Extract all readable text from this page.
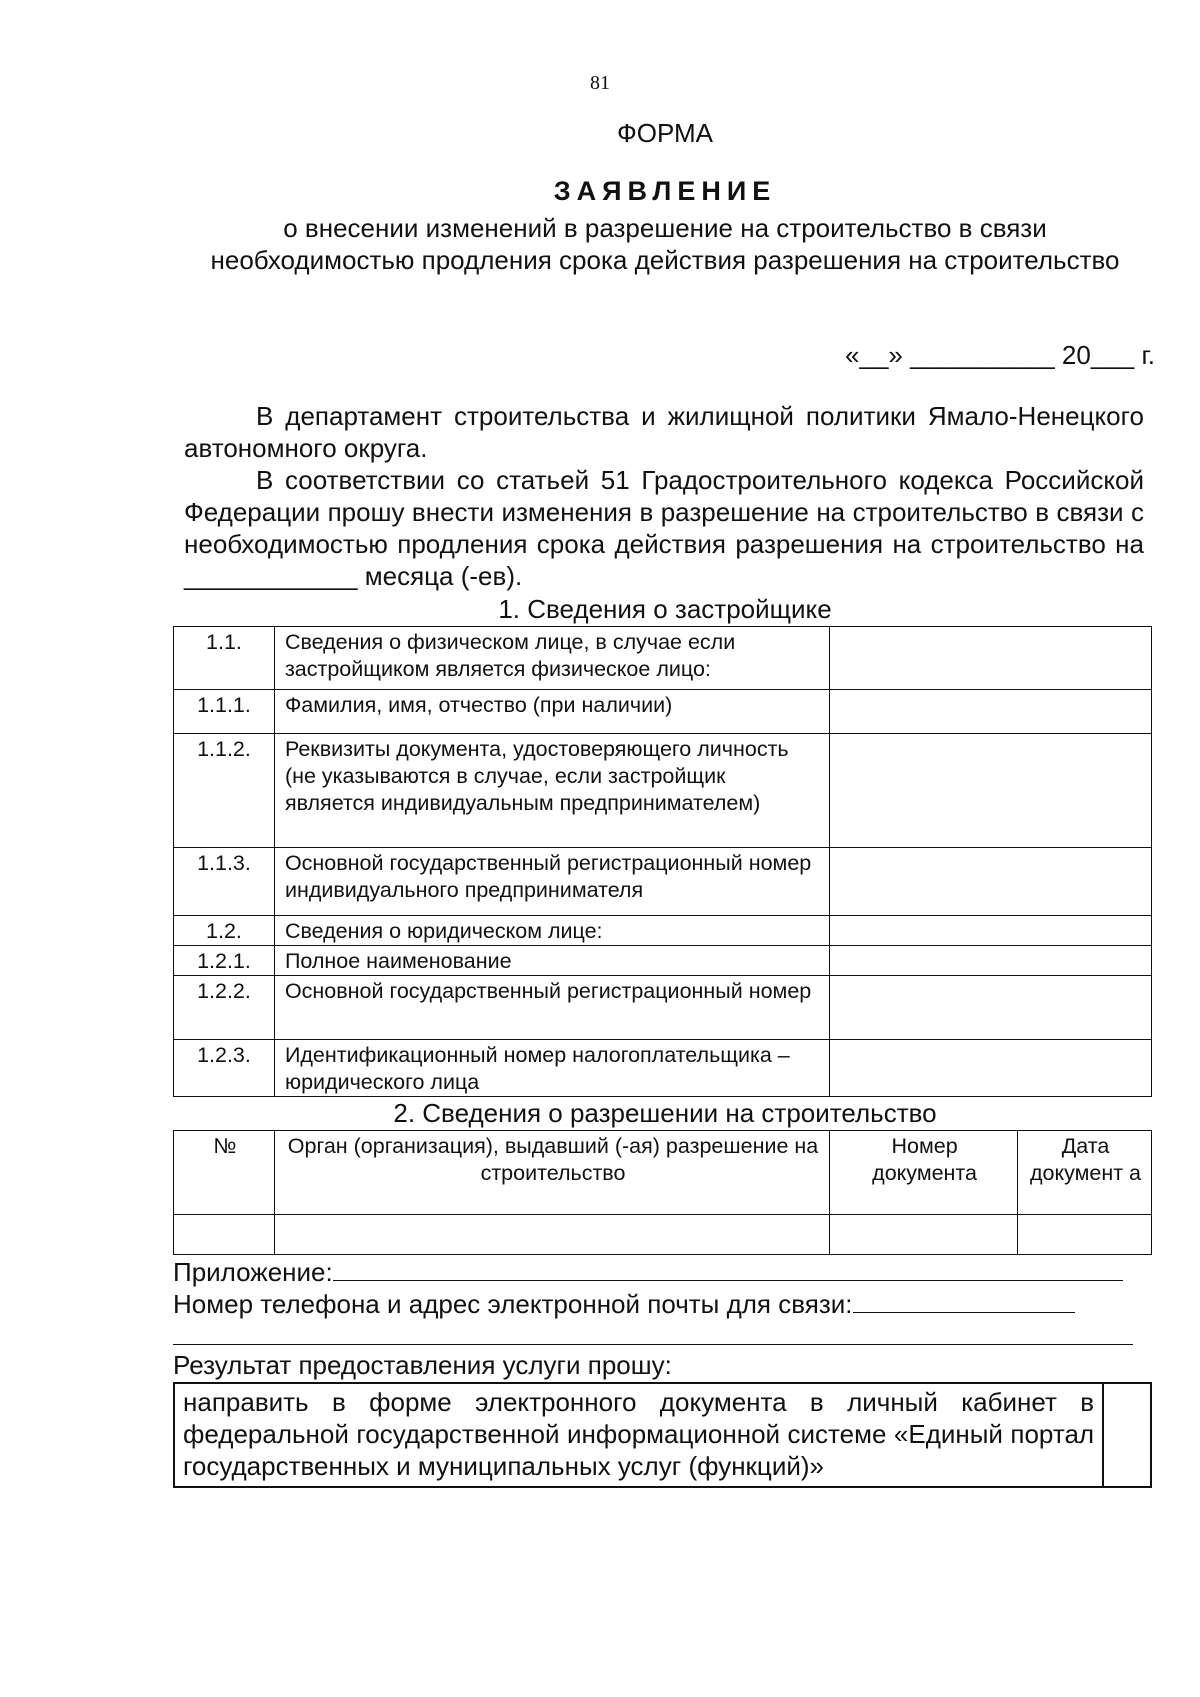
81
ФОРМА
ЗАЯВЛЕНИЕ
о внесении изменений в разрешение на строительство в связи необходимостью продления срока действия разрешения на строительство
«__» __________ 20___ г.
В департамент строительства и жилищной политики Ямало-Ненецкого автономного округа.
В соответствии со статьей 51 Градостроительного кодекса Российской Федерации прошу внести изменения в разрешение на строительство в связи с необходимостью продления срока действия разрешения на строительство на ____________ месяца (-ев).
1. Сведения о застройщике
1.1.	Сведения о физическом лице, в случае если застройщиком является физическое лицо:	
1.1.1.	Фамилия, имя, отчество (при наличии)	
1.1.2.	Реквизиты документа, удостоверяющего личность (не указываются в случае, если застройщик является индивидуальным предпринимателем)	
1.1.3.	Основной государственный регистрационный номер индивидуального предпринимателя	
1.2.	Сведения о юридическом лице:	
1.2.1.	Полное наименование	
1.2.2.	Основной государственный регистрационный номер	
1.2.3.	Идентификационный номер налогоплательщика – юридического лица	
2. Сведения о разрешении на строительство
№	Орган (организация), выдавший (-ая) разрешение на строительство	Номер документа	Дата документ а

Приложение:
Номер телефона и адрес электронной почты для связи:
Результат предоставления услуги прошу:
направить в форме электронного документа в личный кабинет в федеральной государственной информационной системе «Единый портал государственных и муниципальных услуг (функций)»	
